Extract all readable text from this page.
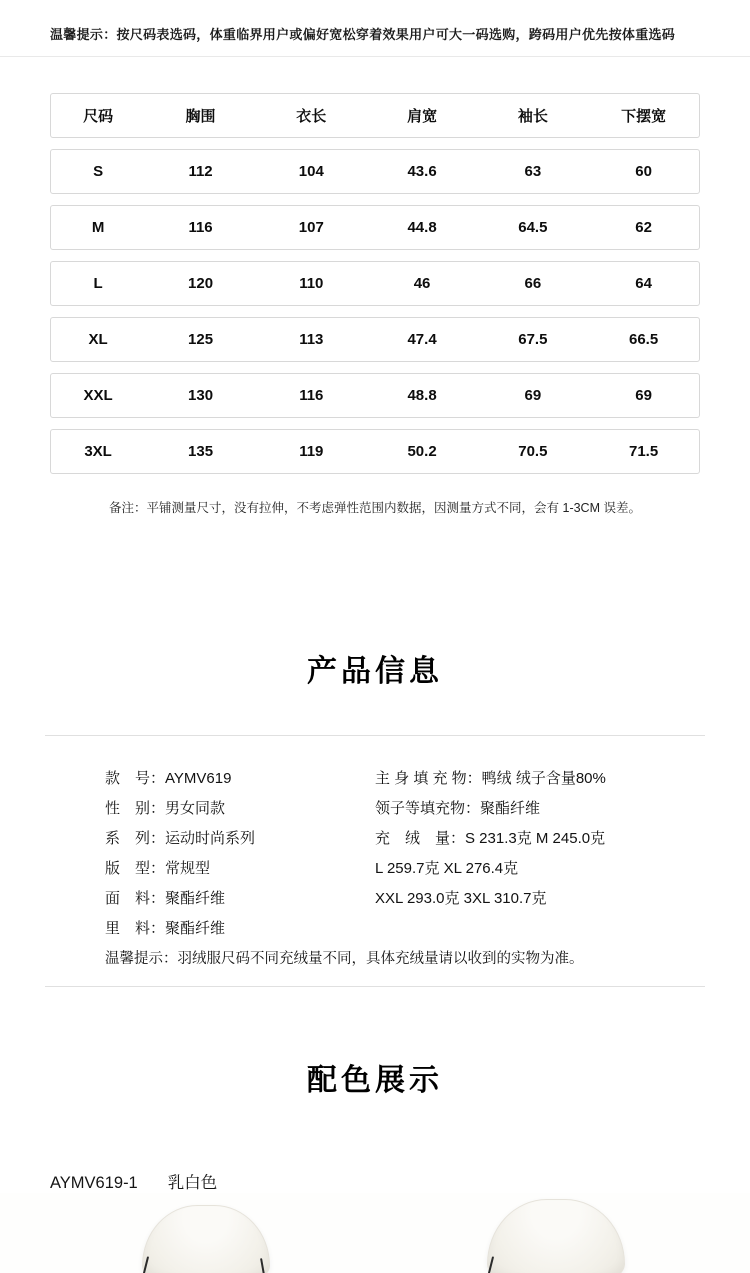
温馨提示：按尺码表选码，体重临界用户或偏好宽松穿着效果用户可大一码选购，跨码用户优先按体重选码
尺码	胸围	衣长	肩宽	袖长	下摆宽
S	112	104	43.6	63	60
M	116	107	44.8	64.5	62
L	120	110	46	66	64
XL	125	113	47.4	67.5	66.5
XXL	130	116	48.8	69	69
3XL	135	119	50.2	70.5	71.5
备注：平铺测量尺寸，没有拉伸，不考虑弹性范围内数据，因测量方式不同，会有 1-3CM 误差。
产品信息
款　号：AYMV619
性　别：男女同款
系　列：运动时尚系列
版　型：常规型
面　料：聚酯纤维
里　料：聚酯纤维
主 身 填 充 物：鸭绒 绒子含量80%
领子等填充物：聚酯纤维
充　绒　量：S 231.3克 M 245.0克
L 259.7克 XL 276.4克
XXL 293.0克 3XL 310.7克
温馨提示：羽绒服尺码不同充绒量不同，具体充绒量请以收到的实物为准。
配色展示
AYMV619-1 乳白色
